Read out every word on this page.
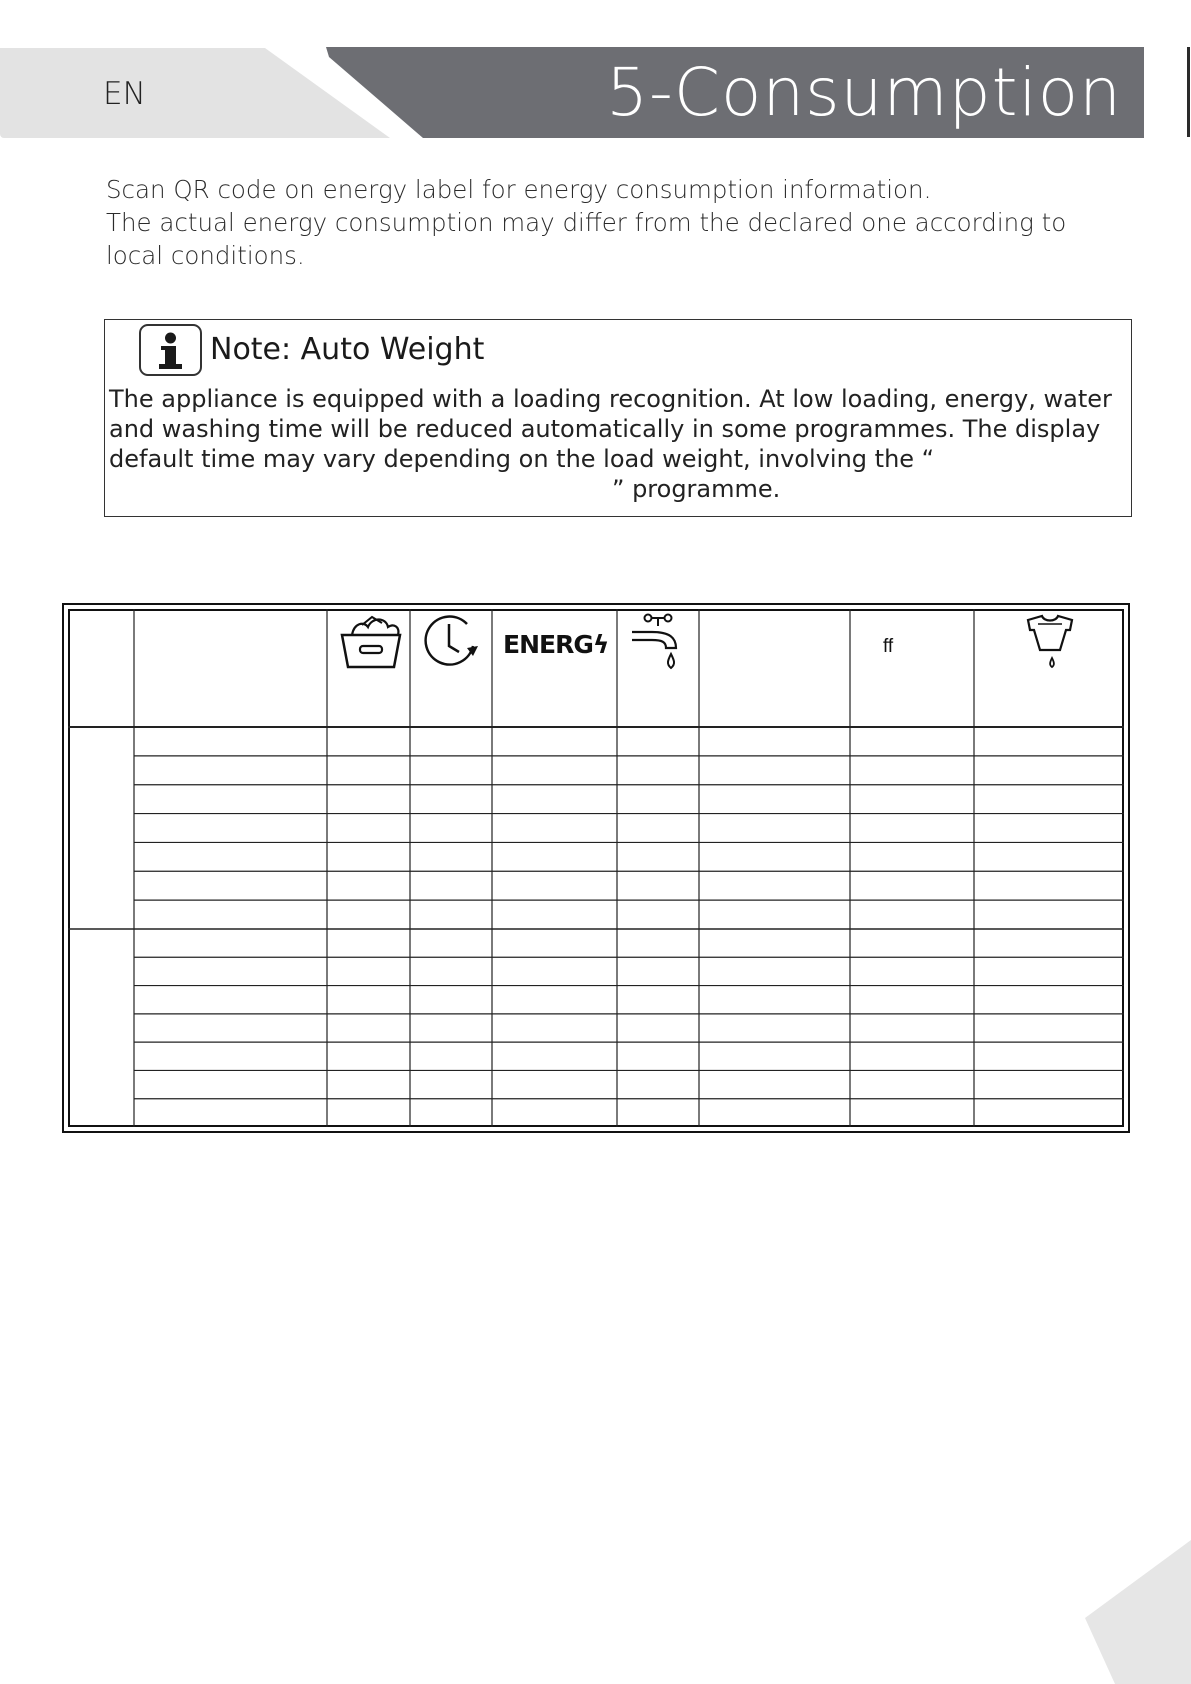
EN	5-Consumption

Scan QR code on energy label for energy consumption information.

The actual energy consumption may differ from the declared one according to local conditions.

Note: Auto Weight
The appliance is equipped with a loading recognition. At low loading, energy, water and washing time will be reduced automatically in some programmes. The display default time may vary depending on the load weight, involving the “
” programme.
ENERGϟ	ff
